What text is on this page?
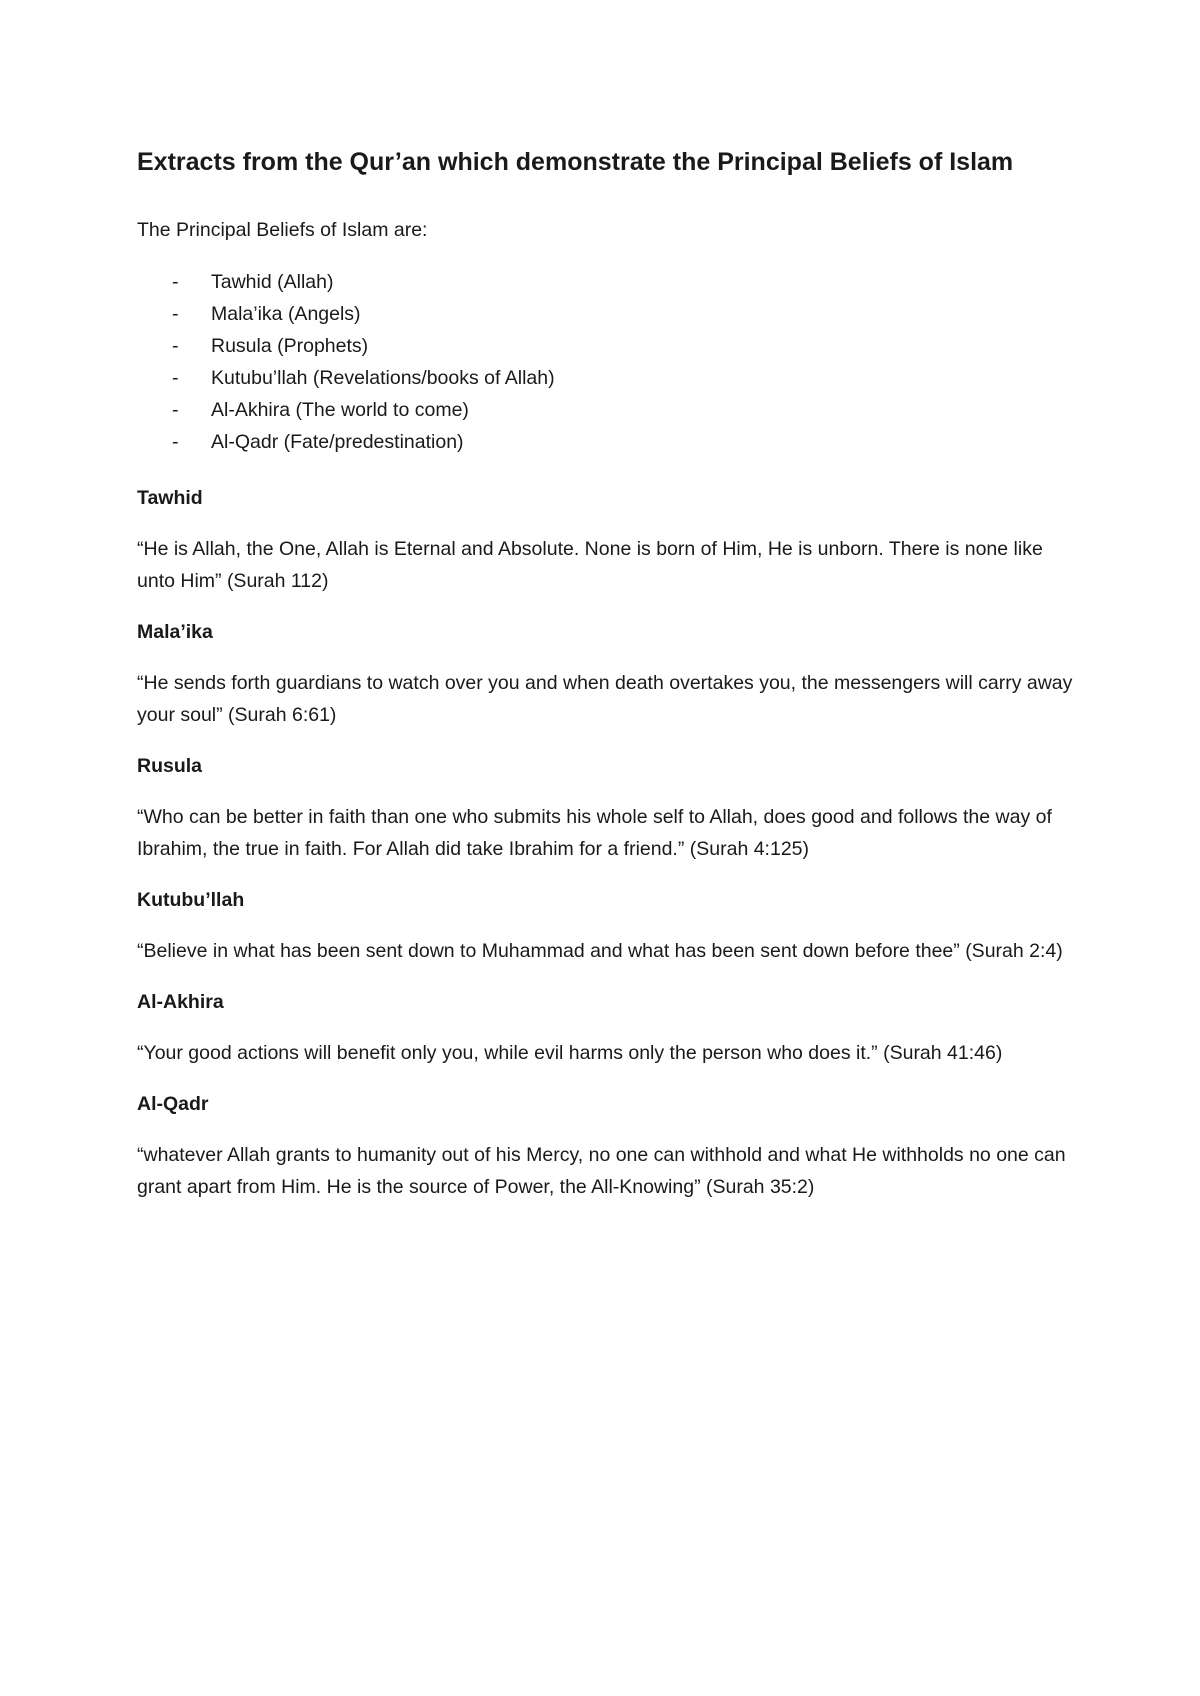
Extracts from the Qur’an which demonstrate the Principal Beliefs of Islam

The Principal Beliefs of Islam are:

- Tawhid (Allah)
- Mala’ika (Angels)
- Rusula (Prophets)
- Kutubu’llah (Revelations/books of Allah)
- Al-Akhira (The world to come)
- Al-Qadr (Fate/predestination)
Tawhid

“He is Allah, the One, Allah is Eternal and Absolute. None is born of Him, He is unborn. There is none like unto Him” (Surah 112)

Mala’ika

“He sends forth guardians to watch over you and when death overtakes you, the messengers will carry away your soul” (Surah 6:61)

Rusula

“Who can be better in faith than one who submits his whole self to Allah, does good and follows the way of Ibrahim, the true in faith. For Allah did take Ibrahim for a friend.” (Surah 4:125)

Kutubu’llah

“Believe in what has been sent down to Muhammad and what has been sent down before thee” (Surah 2:4)

Al-Akhira

“Your good actions will benefit only you, while evil harms only the person who does it.” (Surah 41:46)

Al-Qadr

“whatever Allah grants to humanity out of his Mercy, no one can withhold and what He withholds no one can grant apart from Him. He is the source of Power, the All-Knowing” (Surah 35:2)
